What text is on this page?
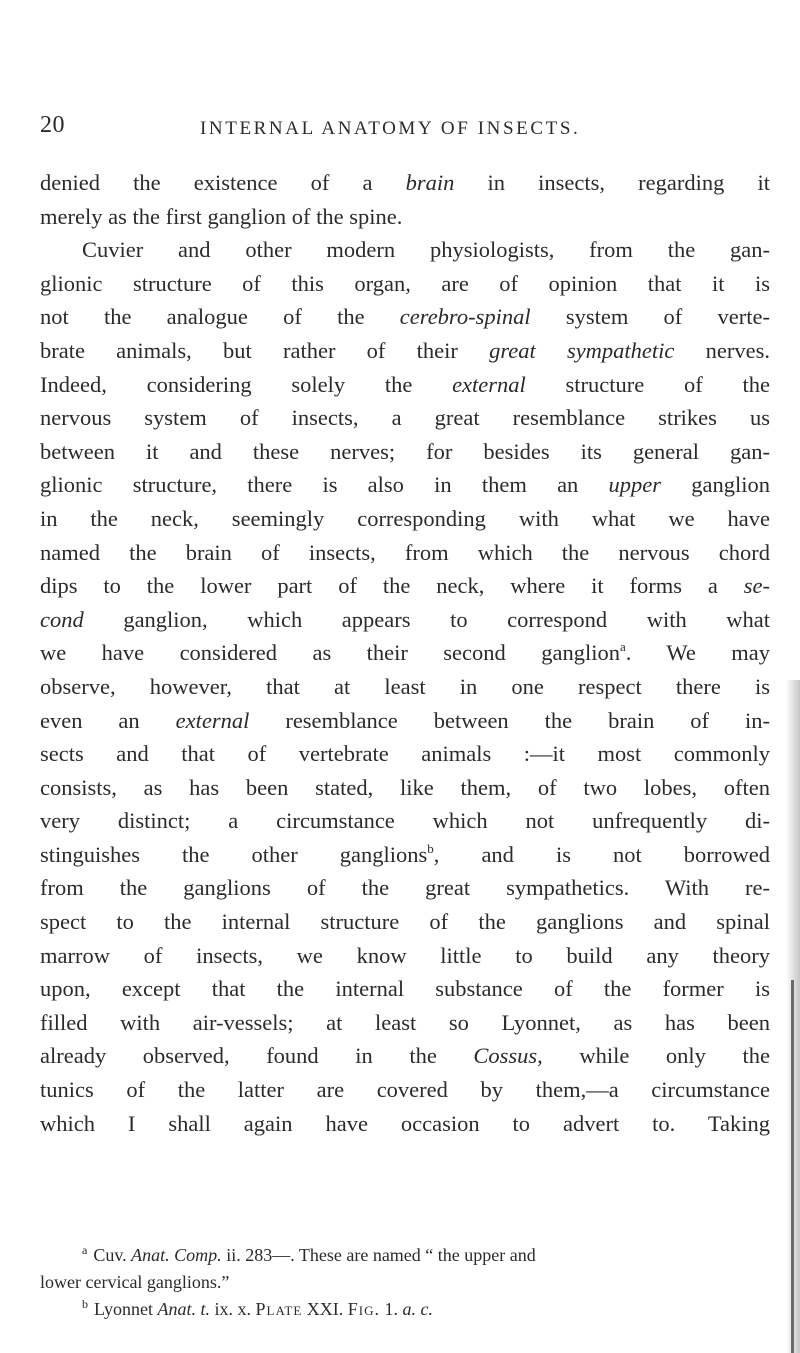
20	INTERNAL ANATOMY OF INSECTS.
denied the existence of a brain in insects, regarding it
merely as the first ganglion of the spine.
Cuvier and other modern physiologists, from the gan-
glionic structure of this organ, are of opinion that it is
not the analogue of the cerebro-spinal system of verte-
brate animals, but rather of their great sympathetic nerves.
Indeed, considering solely the external structure of the
nervous system of insects, a great resemblance strikes us
between it and these nerves; for besides its general gan-
glionic structure, there is also in them an upper ganglion
in the neck, seemingly corresponding with what we have
named the brain of insects, from which the nervous chord
dips to the lower part of the neck, where it forms a se-
cond ganglion, which appears to correspond with what
we have considered as their second ganglion$^a$. We may
observe, however, that at least in one respect there is
even an external resemblance between the brain of in-
sects and that of vertebrate animals :—it most commonly
consists, as has been stated, like them, of two lobes, often
very distinct; a circumstance which not unfrequently di-
stinguishes the other ganglions$^b$, and is not borrowed
from the ganglions of the great sympathetics. With re-
spect to the internal structure of the ganglions and spinal
marrow of insects, we know little to build any theory
upon, except that the internal substance of the former is
filled with air-vessels; at least so Lyonnet, as has been
already observed, found in the Cossus, while only the
tunics of the latter are covered by them,—a circumstance
which I shall again have occasion to advert to. Taking
$^a$ Cuv. Anat. Comp. ii. 283—. These are named “ the upper and
lower cervical ganglions.”
$^b$ Lyonnet Anat. t. ix. x. Plate XXI. Fig. 1. a. c.
